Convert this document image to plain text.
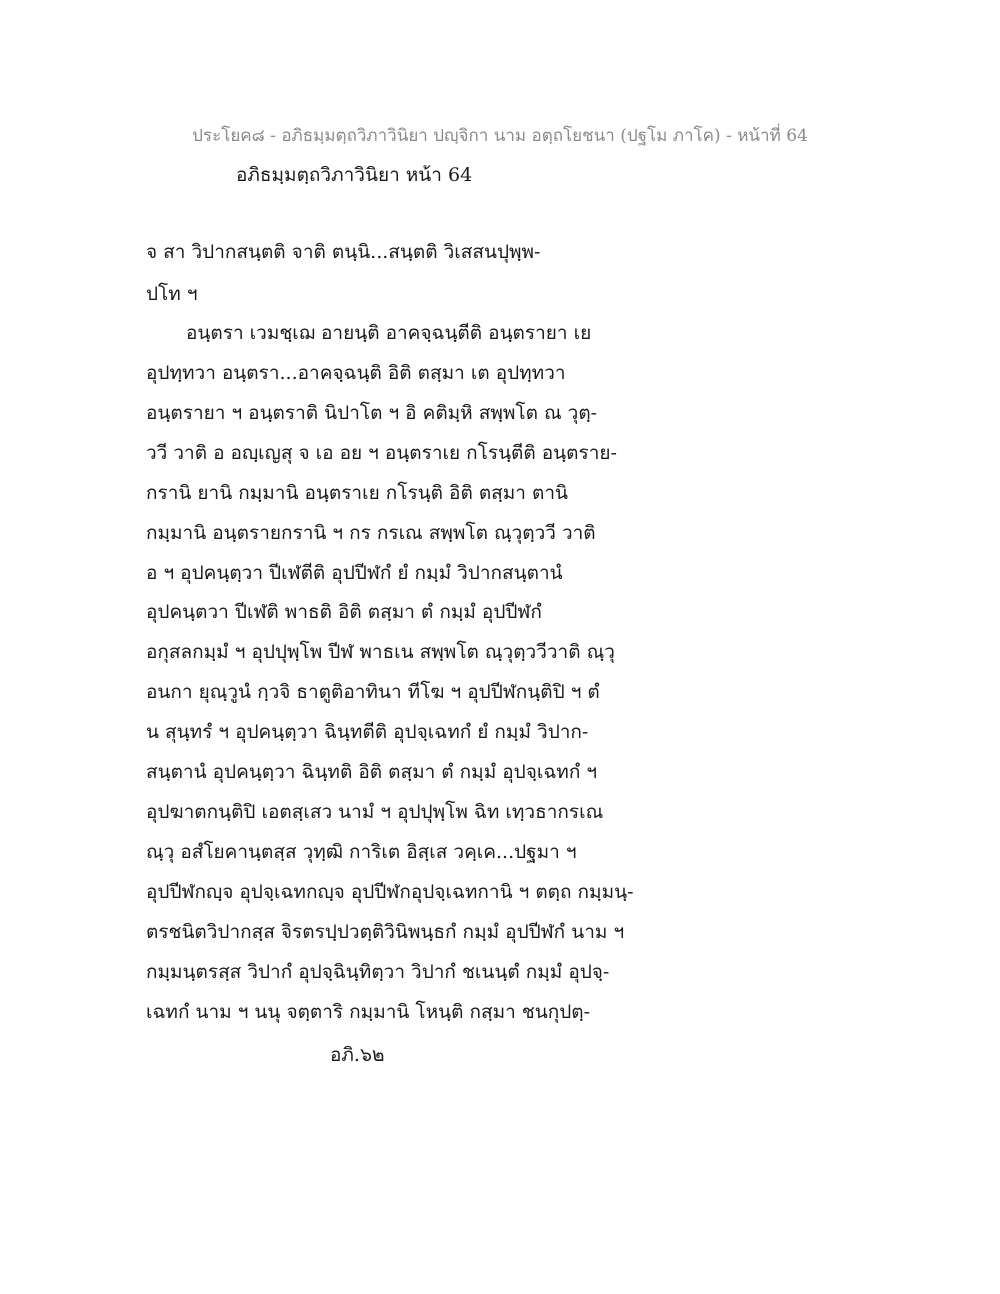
ประโยค๘ - อภิธมฺมตฺถวิภาวินิยา ปญฺจิกา นาม อตฺถโยชนา (ปฐโม ภาโค) - หน้าที่ 64
อภิธมฺมตฺถวิภาวินิยา หน้า 64
จ สา วิปากสนฺตติ จาติ ตนฺนิ...สนฺตติ วิเสสนปุพฺพ-
ปโท ฯ
อนฺตรา เวมชฺเฌ อายนฺติ อาคจฺฉนฺตีติ อนฺตรายา เย
อุปทฺทวา อนฺตรา...อาคจฺฉนฺติ อิติ ตสฺมา เต อุปทฺทวา
อนฺตรายา ฯ อนฺตราติ นิปาโต ฯ อิ คติมฺหิ สพฺพโต ณ วุตฺ-
ววี วาติ อ อญฺเญสุ จ เอ อย ฯ อนฺตราเย กโรนฺตีติ อนฺตราย-
กรานิ ยานิ กมฺมานิ อนฺตราเย กโรนฺติ อิติ ตสฺมา ตานิ
กมฺมานิ อนฺตรายกรานิ ฯ กร กรเณ สพฺพโต ณฺวุตฺววี วาติ
อ ฯ อุปคนฺตฺวา ปีเฬตีติ อุปปีฬกํ ยํ กมฺมํ วิปากสนฺตานํ
อุปคนฺตวา ปีเฬติ พาธติ อิติ ตสฺมา ตํ กมฺมํ อุปปีฬกํ
อกุสลกมฺมํ ฯ อุปปุพฺโพ ปีฬ พาธเน สพฺพโต ณฺวุตฺววีวาติ ณฺวุ
อนกา ยุณฺวูนํ กฺวจิ ธาตูติอาทินา ทีโฆ ฯ อุปปีฬกนฺติปิ ฯ ตํ
น สุนฺทรํ ฯ อุปคนฺตฺวา ฉินฺทตีติ อุปจฺเฉทกํ ยํ กมฺมํ วิปาก-
สนฺตานํ อุปคนฺตฺวา ฉินฺทติ อิติ ตสฺมา ตํ กมฺมํ อุปจฺเฉทกํ ฯ
อุปฆาตกนฺติปิ เอตสฺเสว นามํ ฯ อุปปุพฺโพ ฉิท เทฺวธากรเณ
ณฺวุ อสํโยคานฺตสฺส วุทฺฒิ การิเต อิสฺเส วคฺเค...ปฐมา ฯ
อุปปีฬกญฺจ อุปจฺเฉทกญฺจ อุปปีฬกอุปจฺเฉทกานิ ฯ ตตฺถ กมฺมนฺ-
ตรชนิตวิปากสฺส จิรตรปฺปวตฺติวินิพนฺธกํ กมฺมํ อุปปีฬกํ นาม ฯ
กมฺมนฺตรสฺส วิปากํ อุปจฺฉินฺทิตฺวา วิปากํ ชเนนฺตํ กมฺมํ อุปจฺ-
เฉทกํ นาม ฯ นนุ จตฺตาริ กมฺมานิ โหนฺติ กสฺมา ชนกุปตฺ-
อภิ.๖๒
